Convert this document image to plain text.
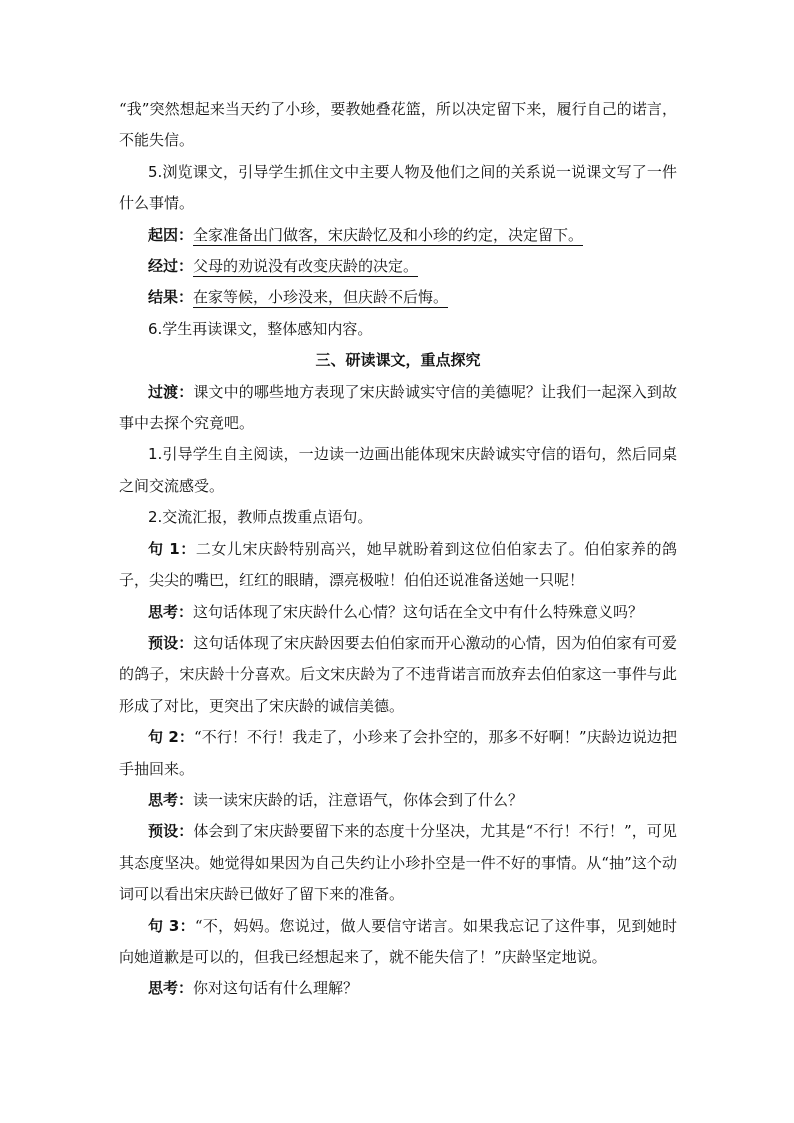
“我”突然想起来当天约了小珍，要教她叠花篮，所以决定留下来，履行自己的诺言，不能失信。

5.浏览课文，引导学生抓住文中主要人物及他们之间的关系说一说课文写了一件什么事情。

起因：全家准备出门做客，宋庆龄忆及和小珍的约定，决定留下。

经过：父母的劝说没有改变庆龄的决定。

结果：在家等候，小珍没来，但庆龄不后悔。

6.学生再读课文，整体感知内容。

三、研读课文，重点探究

过渡：课文中的哪些地方表现了宋庆龄诚实守信的美德呢？让我们一起深入到故事中去探个究竟吧。

1.引导学生自主阅读，一边读一边画出能体现宋庆龄诚实守信的语句，然后同桌之间交流感受。

2.交流汇报，教师点拨重点语句。

句 1：二女儿宋庆龄特别高兴，她早就盼着到这位伯伯家去了。伯伯家养的鸽子，尖尖的嘴巴，红红的眼睛，漂亮极啦！伯伯还说准备送她一只呢！

思考：这句话体现了宋庆龄什么心情？这句话在全文中有什么特殊意义吗？

预设：这句话体现了宋庆龄因要去伯伯家而开心激动的心情，因为伯伯家有可爱的鸽子，宋庆龄十分喜欢。后文宋庆龄为了不违背诺言而放弃去伯伯家这一事件与此形成了对比，更突出了宋庆龄的诚信美德。

句 2：“不行！不行！我走了，小珍来了会扑空的，那多不好啊！”庆龄边说边把手抽回来。

思考：读一读宋庆龄的话，注意语气，你体会到了什么？

预设：体会到了宋庆龄要留下来的态度十分坚决，尤其是“不行！不行！”，可见其态度坚决。她觉得如果因为自己失约让小珍扑空是一件不好的事情。从“抽”这个动词可以看出宋庆龄已做好了留下来的准备。

句 3：“不，妈妈。您说过，做人要信守诺言。如果我忘记了这件事，见到她时向她道歉是可以的，但我已经想起来了，就不能失信了！”庆龄坚定地说。

思考：你对这句话有什么理解？
